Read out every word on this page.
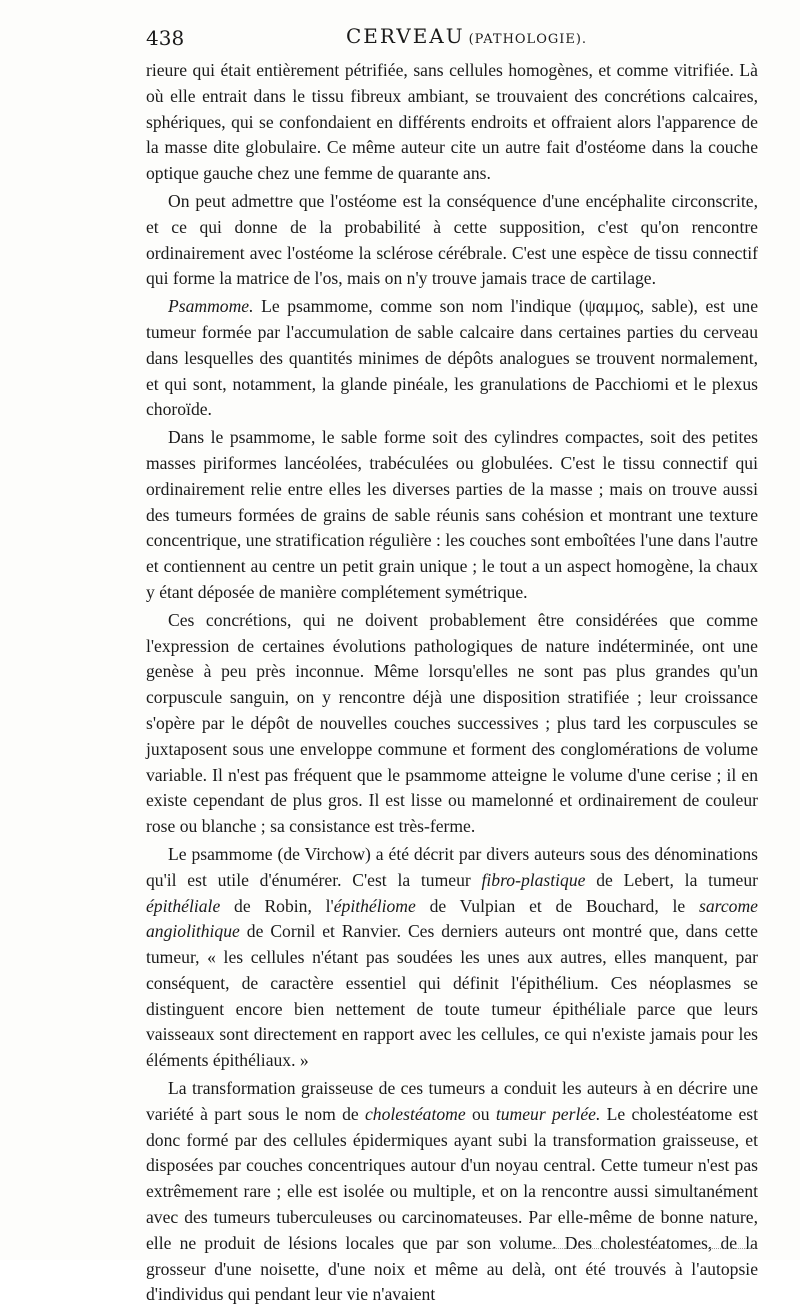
438	CERVEAU (PATHOLOGIE).

rieure qui était entièrement pétrifiée, sans cellules homogènes, et comme vitrifiée. Là où elle entrait dans le tissu fibreux ambiant, se trouvaient des concrétions calcaires, sphériques, qui se confondaient en différents endroits et offraient alors l'apparence de la masse dite globulaire. Ce même auteur cite un autre fait d'ostéome dans la couche optique gauche chez une femme de quarante ans.

On peut admettre que l'ostéome est la conséquence d'une encéphalite circonscrite, et ce qui donne de la probabilité à cette supposition, c'est qu'on rencontre ordinairement avec l'ostéome la sclérose cérébrale. C'est une espèce de tissu connectif qui forme la matrice de l'os, mais on n'y trouve jamais trace de cartilage.

Psammome. Le psammome, comme son nom l'indique (ψαμμος, sable), est une tumeur formée par l'accumulation de sable calcaire dans certaines parties du cerveau dans lesquelles des quantités minimes de dépôts analogues se trouvent normalement, et qui sont, notamment, la glande pinéale, les granulations de Pacchiomi et le plexus choroïde.

Dans le psammome, le sable forme soit des cylindres compactes, soit des petites masses piriformes lancéolées, trabéculées ou globulées. C'est le tissu connectif qui ordinairement relie entre elles les diverses parties de la masse ; mais on trouve aussi des tumeurs formées de grains de sable réunis sans cohésion et montrant une texture concentrique, une stratification régulière : les couches sont emboîtées l'une dans l'autre et contiennent au centre un petit grain unique ; le tout a un aspect homogène, la chaux y étant déposée de manière complétement symétrique.

Ces concrétions, qui ne doivent probablement être considérées que comme l'expression de certaines évolutions pathologiques de nature indéterminée, ont une genèse à peu près inconnue. Même lorsqu'elles ne sont pas plus grandes qu'un corpuscule sanguin, on y rencontre déjà une disposition stratifiée ; leur croissance s'opère par le dépôt de nouvelles couches successives ; plus tard les corpuscules se juxtaposent sous une enveloppe commune et forment des conglomérations de volume variable. Il n'est pas fréquent que le psammome atteigne le volume d'une cerise ; il en existe cependant de plus gros. Il est lisse ou mamelonné et ordinairement de couleur rose ou blanche ; sa consistance est très-ferme.

Le psammome (de Virchow) a été décrit par divers auteurs sous des dénominations qu'il est utile d'énumérer. C'est la tumeur fibro-plastique de Lebert, la tumeur épithéliale de Robin, l'épithéliome de Vulpian et de Bouchard, le sarcome angiolithique de Cornil et Ranvier. Ces derniers auteurs ont montré que, dans cette tumeur, « les cellules n'étant pas soudées les unes aux autres, elles manquent, par conséquent, de caractère essentiel qui définit l'épithélium. Ces néoplasmes se distinguent encore bien nettement de toute tumeur épithéliale parce que leurs vaisseaux sont directement en rapport avec les cellules, ce qui n'existe jamais pour les éléments épithéliaux. »

La transformation graisseuse de ces tumeurs a conduit les auteurs à en décrire une variété à part sous le nom de cholestéatome ou tumeur perlée. Le cholestéatome est donc formé par des cellules épidermiques ayant subi la transformation graisseuse, et disposées par couches concentriques autour d'un noyau central. Cette tumeur n'est pas extrêmement rare ; elle est isolée ou multiple, et on la rencontre aussi simultanément avec des tumeurs tuberculeuses ou carcinomateuses. Par elle-même de bonne nature, elle ne produit de lésions locales que par son volume. Des cholestéatomes, de la grosseur d'une noisette, d'une noix et même au delà, ont été trouvés à l'autopsie d'individus qui pendant leur vie n'avaient
